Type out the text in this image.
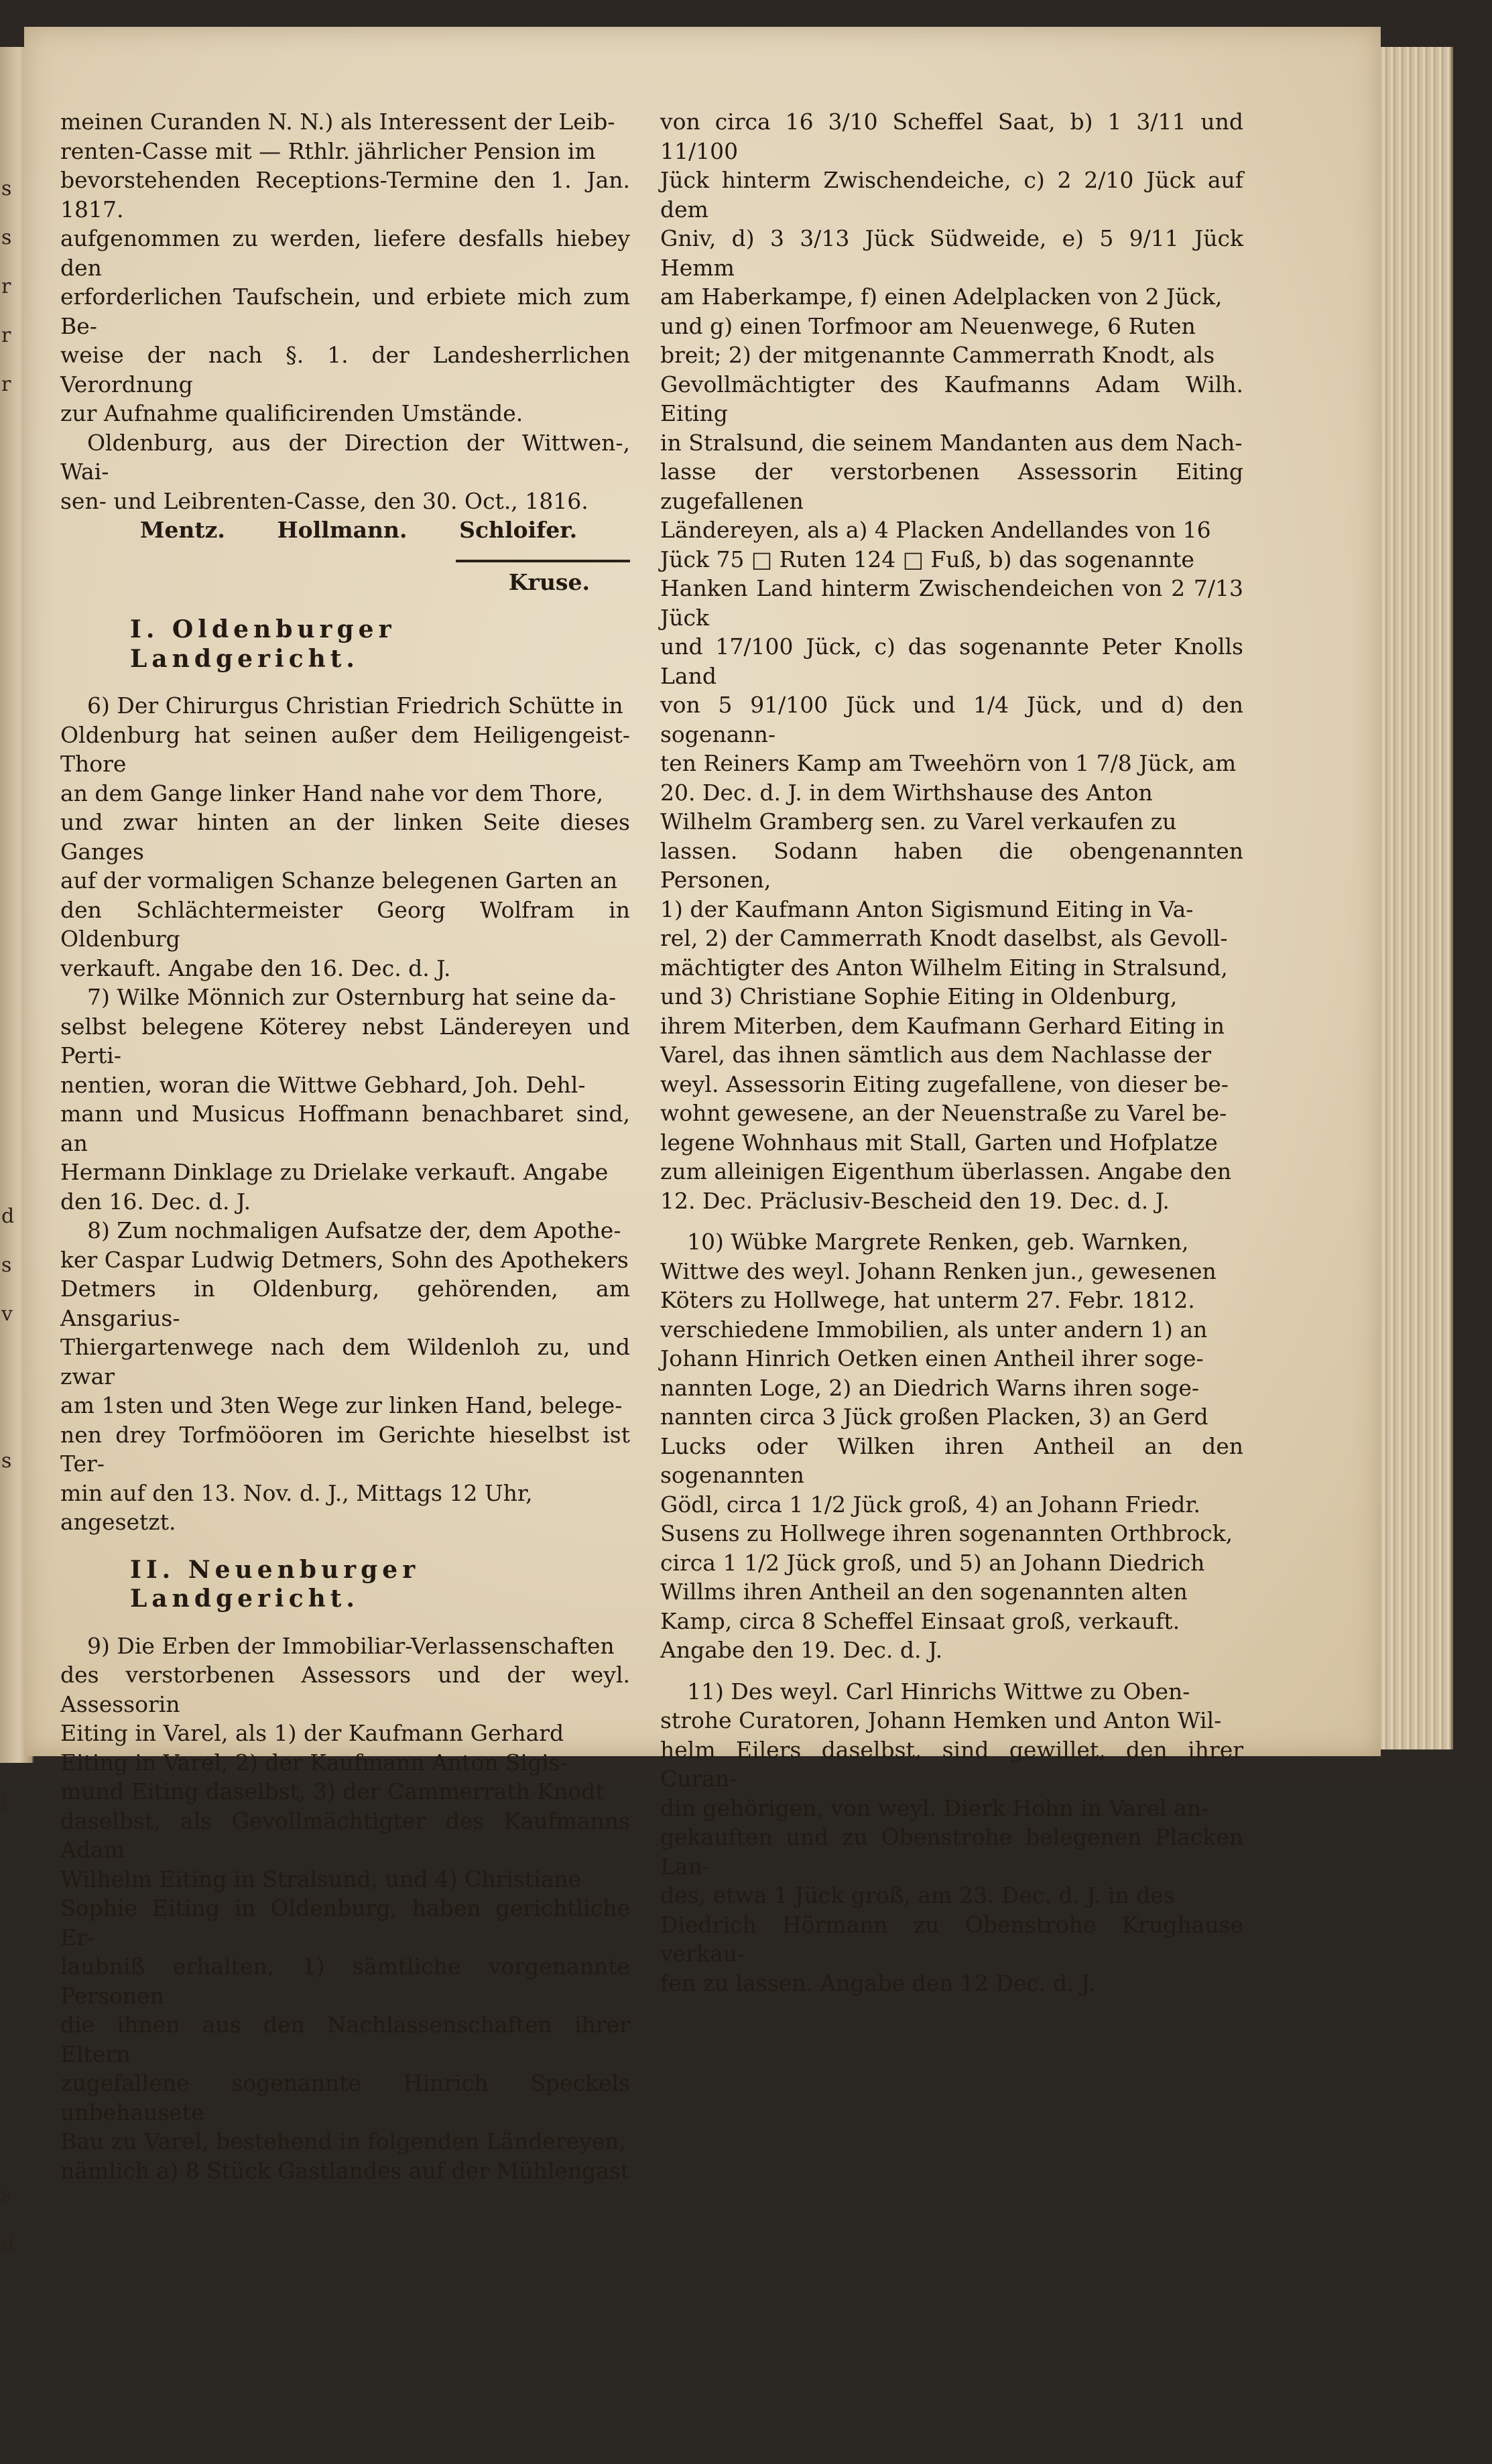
s
s
r
r
r
d
s
v
s
l
s
d

meinen Curanden N. N.) als Interessent der Leib-

renten-Casse mit — Rthlr. jährlicher Pension im

bevorstehenden Receptions-Termine den 1. Jan. 1817.

aufgenommen zu werden, liefere desfalls hiebey den

erforderlichen Taufschein, und erbiete mich zum Be-

weise der nach §. 1. der Landesherrlichen Verordnung

zur Aufnahme qualificirenden Umstände.

Oldenburg, aus der Direction der Wittwen-, Wai-

sen- und Leibrenten-Casse, den 30. Oct., 1816.

Mentz. Hollmann. Schloifer.
Kruse.
I. Oldenburger Landgericht.

6) Der Chirurgus Christian Friedrich Schütte in

Oldenburg hat seinen außer dem Heiligengeist-Thore

an dem Gange linker Hand nahe vor dem Thore,

und zwar hinten an der linken Seite dieses Ganges

auf der vormaligen Schanze belegenen Garten an

den Schlächtermeister Georg Wolfram in Oldenburg

verkauft. Angabe den 16. Dec. d. J.

7) Wilke Mönnich zur Osternburg hat seine da-

selbst belegene Köterey nebst Ländereyen und Perti-

nentien, woran die Wittwe Gebhard, Joh. Dehl-

mann und Musicus Hoffmann benachbaret sind, an

Hermann Dinklage zu Drielake verkauft. Angabe

den 16. Dec. d. J.

8) Zum nochmaligen Aufsatze der, dem Apothe-

ker Caspar Ludwig Detmers, Sohn des Apothekers

Detmers in Oldenburg, gehörenden, am Ansgarius-

Thiergartenwege nach dem Wildenloh zu, und zwar

am 1sten und 3ten Wege zur linken Hand, belege-

nen drey Torfmööoren im Gerichte hieselbst ist Ter-

min auf den 13. Nov. d. J., Mittags 12 Uhr,

angesetzt.

II. Neuenburger Landgericht.

9) Die Erben der Immobiliar-Verlassenschaften

des verstorbenen Assessors und der weyl. Assessorin

Eiting in Varel, als 1) der Kaufmann Gerhard

Eiting in Varel, 2) der Kaufmann Anton Sigis-

mund Eiting daselbst, 3) der Cammerrath Knodt

daselbst, als Gevollmächtigter des Kaufmanns Adam

Wilhelm Eiting in Stralsund, und 4) Christiane

Sophie Eiting in Oldenburg, haben gerichtliche Er-

laubniß erhalten, 1) sämtliche vorgenannte Personen

die ihnen aus den Nachlassenschaften ihrer Eltern

zugefallene sogenannte Hinrich Speckels unbehausete

Bau zu Varel, bestehend in folgenden Ländereyen,

nämlich a) 8 Stück Gastlandes auf der Mühlengast

von circa 16 3/10 Scheffel Saat, b) 1 3/11 und 11/100

Jück hinterm Zwischendeiche, c) 2 2/10 Jück auf dem

Gniv, d) 3 3/13 Jück Südweide, e) 5 9/11 Jück Hemm

am Haberkampe, f) einen Adelplacken von 2 Jück,

und g) einen Torfmoor am Neuenwege, 6 Ruten

breit; 2) der mitgenannte Cammerrath Knodt, als

Gevollmächtigter des Kaufmanns Adam Wilh. Eiting

in Stralsund, die seinem Mandanten aus dem Nach-

lasse der verstorbenen Assessorin Eiting zugefallenen

Ländereyen, als a) 4 Placken Andellandes von 16

Jück 75 □ Ruten 124 □ Fuß, b) das sogenannte

Hanken Land hinterm Zwischendeichen von 2 7/13 Jück

und 17/100 Jück, c) das sogenannte Peter Knolls Land

von 5 91/100 Jück und 1/4 Jück, und d) den sogenann-

ten Reiners Kamp am Tweehörn von 1 7/8 Jück, am

20. Dec. d. J. in dem Wirthshause des Anton

Wilhelm Gramberg sen. zu Varel verkaufen zu

lassen. Sodann haben die obengenannten Personen,

1) der Kaufmann Anton Sigismund Eiting in Va-

rel, 2) der Cammerrath Knodt daselbst, als Gevoll-

mächtigter des Anton Wilhelm Eiting in Stralsund,

und 3) Christiane Sophie Eiting in Oldenburg,

ihrem Miterben, dem Kaufmann Gerhard Eiting in

Varel, das ihnen sämtlich aus dem Nachlasse der

weyl. Assessorin Eiting zugefallene, von dieser be-

wohnt gewesene, an der Neuenstraße zu Varel be-

legene Wohnhaus mit Stall, Garten und Hofplatze

zum alleinigen Eigenthum überlassen. Angabe den

12. Dec. Präclusiv-Bescheid den 19. Dec. d. J.

10) Wübke Margrete Renken, geb. Warnken,

Wittwe des weyl. Johann Renken jun., gewesenen

Köters zu Hollwege, hat unterm 27. Febr. 1812.

verschiedene Immobilien, als unter andern 1) an

Johann Hinrich Oetken einen Antheil ihrer soge-

nannten Loge, 2) an Diedrich Warns ihren soge-

nannten circa 3 Jück großen Placken, 3) an Gerd

Lucks oder Wilken ihren Antheil an den sogenannten

Gödl, circa 1 1/2 Jück groß, 4) an Johann Friedr.

Susens zu Hollwege ihren sogenannten Orthbrock,

circa 1 1/2 Jück groß, und 5) an Johann Diedrich

Willms ihren Antheil an den sogenannten alten

Kamp, circa 8 Scheffel Einsaat groß, verkauft.

Angabe den 19. Dec. d. J.

11) Des weyl. Carl Hinrichs Wittwe zu Oben-

strohe Curatoren, Johann Hemken und Anton Wil-

helm Eilers daselbst, sind gewillet, den ihrer Curan-

din gehörigen, von weyl. Dierk Hohn in Varel an-

gekauften und zu Obenstrohe belegenen Placken Lan-

des, etwa 1 Jück groß, am 23. Dec. d. J. in des

Diedrich Hörmann zu Obenstrohe Krughause verkau-

fen zu lassen. Angabe den 12 Dec. d. J.
